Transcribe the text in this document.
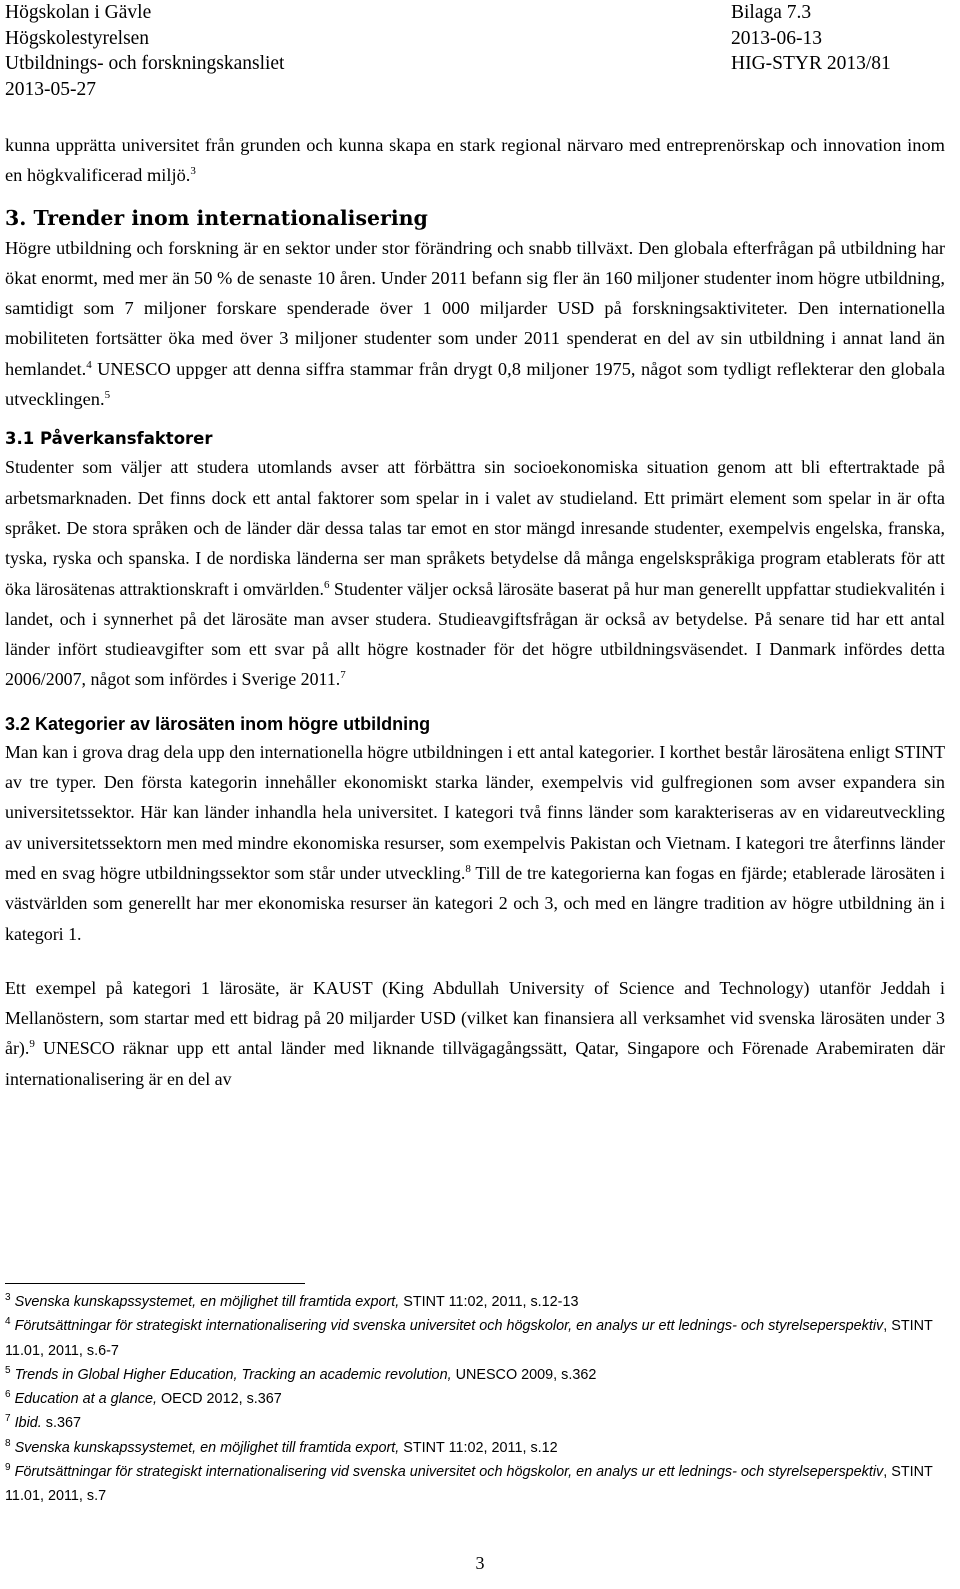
Högskolan i Gävle	Bilaga 7.3
Högskolestyrelsen	2013-06-13
Utbildnings- och forskningskansliet	HIG-STYR 2013/81
2013-05-27

kunna upprätta universitet från grunden och kunna skapa en stark regional närvaro med entreprenörskap och innovation inom en högkvalificerad miljö.$^3$

3. Trender inom internationalisering

Högre utbildning och forskning är en sektor under stor förändring och snabb tillväxt. Den globala efterfrågan på utbildning har ökat enormt, med mer än 50 % de senaste 10 åren. Under 2011 befann sig fler än 160 miljoner studenter inom högre utbildning, samtidigt som 7 miljoner forskare spenderade över 1 000 miljarder USD på forskningsaktiviteter. Den internationella mobiliteten fortsätter öka med över 3 miljoner studenter som under 2011 spenderat en del av sin utbildning i annat land än hemlandet.$^4$ UNESCO uppger att denna siffra stammar från drygt 0,8 miljoner 1975, något som tydligt reflekterar den globala utvecklingen.$^5$

3.1 Påverkansfaktorer

Studenter som väljer att studera utomlands avser att förbättra sin socioekonomiska situation genom att bli eftertraktade på arbetsmarknaden. Det finns dock ett antal faktorer som spelar in i valet av studieland. Ett primärt element som spelar in är ofta språket. De stora språken och de länder där dessa talas tar emot en stor mängd inresande studenter, exempelvis engelska, franska, tyska, ryska och spanska. I de nordiska länderna ser man språkets betydelse då många engelskspråkiga program etablerats för att öka lärosätenas attraktionskraft i omvärlden.$^6$ Studenter väljer också lärosäte baserat på hur man generellt uppfattar studiekvalitén i landet, och i synnerhet på det lärosäte man avser studera. Studieavgiftsfrågan är också av betydelse. På senare tid har ett antal länder infört studieavgifter som ett svar på allt högre kostnader för det högre utbildningsväsendet. I Danmark infördes detta 2006/2007, något som infördes i Sverige 2011.$^7$

3.2 Kategorier av lärosäten inom högre utbildning

Man kan i grova drag dela upp den internationella högre utbildningen i ett antal kategorier. I korthet består lärosätena enligt STINT av tre typer. Den första kategorin innehåller ekonomiskt starka länder, exempelvis vid gulfregionen som avser expandera sin universitetssektor. Här kan länder inhandla hela universitet. I kategori två finns länder som karakteriseras av en vidareutveckling av universitetssektorn men med mindre ekonomiska resurser, som exempelvis Pakistan och Vietnam. I kategori tre återfinns länder med en svag högre utbildningssektor som står under utveckling.$^8$ Till de tre kategorierna kan fogas en fjärde; etablerade lärosäten i västvärlden som generellt har mer ekonomiska resurser än kategori 2 och 3, och med en längre tradition av högre utbildning än i kategori 1.

Ett exempel på kategori 1 lärosäte, är KAUST (King Abdullah University of Science and Technology) utanför Jeddah i Mellanöstern, som startar med ett bidrag på 20 miljarder USD (vilket kan finansiera all verksamhet vid svenska lärosäten under 3 år).$^9$ UNESCO räknar upp ett antal länder med liknande tillvägagångssätt, Qatar, Singapore och Förenade Arabemiraten där internationalisering är en del av

$^3$ Svenska kunskapssystemet, en möjlighet till framtida export, STINT 11:02, 2011, s.12-13

$^4$ Förutsättningar för strategiskt internationalisering vid svenska universitet och högskolor, en analys ur ett lednings- och styrelseperspektiv, STINT 11.01, 2011, s.6-7

$^5$ Trends in Global Higher Education, Tracking an academic revolution, UNESCO 2009, s.362

$^6$ Education at a glance, OECD 2012, s.367

$^7$ Ibid. s.367

$^8$ Svenska kunskapssystemet, en möjlighet till framtida export, STINT 11:02, 2011, s.12

$^9$ Förutsättningar för strategiskt internationalisering vid svenska universitet och högskolor, en analys ur ett lednings- och styrelseperspektiv, STINT 11.01, 2011, s.7

3
